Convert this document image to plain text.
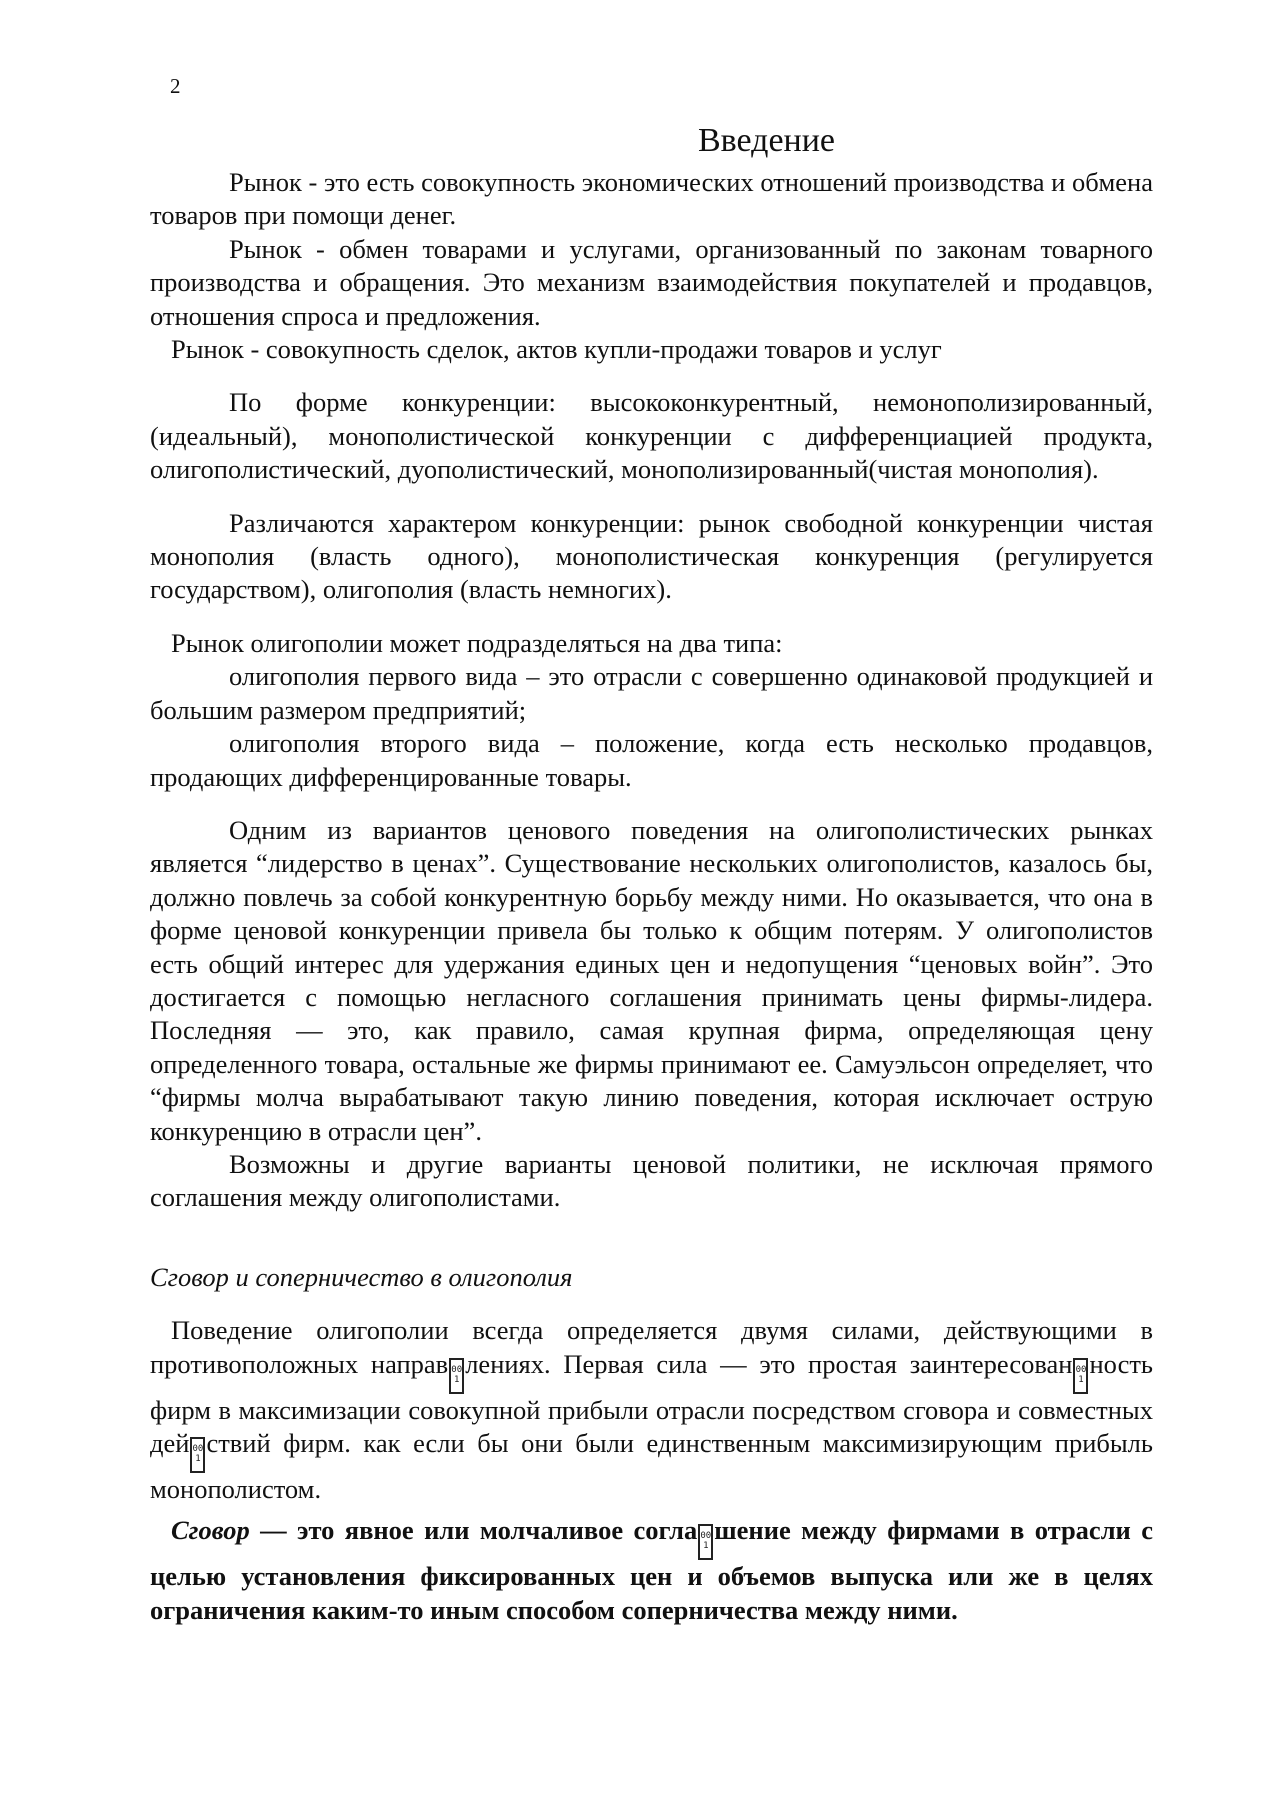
2
Введение

Рынок - это есть совокупность экономических отношений производства и обмена товаров при помощи денег.

Рынок - обмен товарами и услугами, организованный по законам товарного производства и обращения. Это механизм взаимодействия покупателей и продавцов, отношения спроса и предложения.

Рынок - совокупность сделок, актов купли-продажи товаров и услуг

По форме конкуренции: высококонкурентный, немонополизированный, (идеальный), монополистической конкуренции с дифференциацией продукта, олигополистический, дуополистический, монополизированный(чистая монополия).

Различаются характером конкуренции: рынок свободной конкуренции чистая монополия (власть одного), монополистическая конкуренция (регулируется государством), олигополия (власть немногих).

Рынок олигополии может подразделяться на два типа:

олигополия первого вида – это отрасли с совершенно одинаковой продукцией и большим размером предприятий;

олигополия второго вида – положение, когда есть несколько продавцов, продающих дифференцированные товары.

Одним из вариантов ценового поведения на олигополистических рынках является “лидерство в ценах”. Существование нескольких олигополистов, казалось бы, должно повлечь за собой конкурентную борьбу между ними. Но оказывается, что она в форме ценовой конкуренции привела бы только к общим потерям. У олигополистов есть общий интерес для удержания единых цен и недопущения “ценовых войн”. Это достигается с помощью негласного соглашения принимать цены фирмы-лидера. Последняя — это, как правило, самая крупная фирма, определяющая цену определенного товара, остальные же фирмы принимают ее. Самуэльсон определяет, что “фирмы молча вырабатывают такую линию поведения, которая исключает острую конкуренцию в отрасли цен”.

Возможны и другие варианты ценовой политики, не исключая прямого соглашения между олигополистами.

Сговор и соперничество в олигополия

Поведение олигополии всегда определяется двумя силами, действующими в противоположных направ 00 1лениях. Первая сила — это простая заинтересован 00 1ность фирм в максимизации совокупной прибыли отрасли посредством сговора и совместных дей 00 1ствий фирм. как если бы они были единственным максимизирующим прибыль монополистом.

Сговор — это явное или молчаливое согла 00 1шение между фирмами в отрасли с целью установления фиксированных цен и объемов выпуска или же в целях ограничения каким-то иным способом соперничества между ними.
